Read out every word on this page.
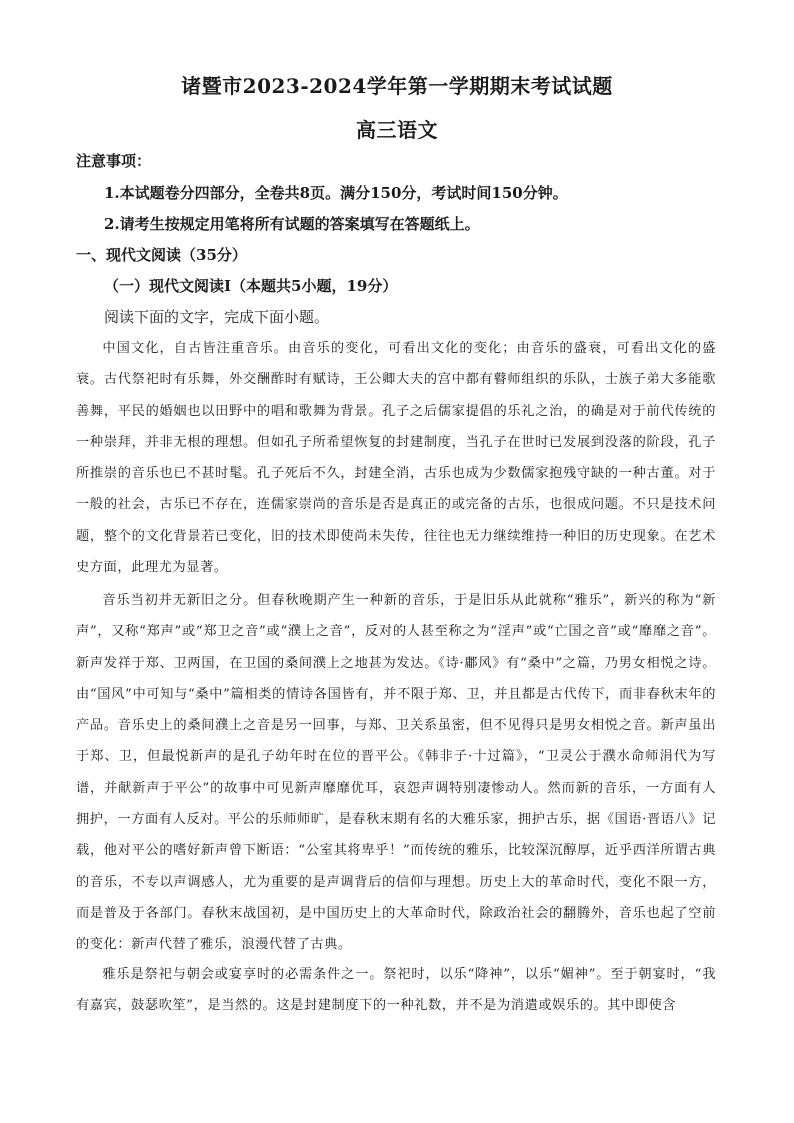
诸暨市2023-2024学年第一学期期末考试试题
高三语文
注意事项：
1.本试题卷分四部分，全卷共8页。满分150分，考试时间150分钟。
2.请考生按规定用笔将所有试题的答案填写在答题纸上。
一、现代文阅读（35分）
（一）现代文阅读Ⅰ（本题共5小题，19分）
阅读下面的文字，完成下面小题。

中国文化，自古皆注重音乐。由音乐的变化，可看出文化的变化；由音乐的盛衰，可看出文化的盛衰。古代祭祀时有乐舞，外交酬酢时有赋诗，王公卿大夫的宫中都有瞽师组织的乐队，士族子弟大多能歌善舞，平民的婚姻也以田野中的唱和歌舞为背景。孔子之后儒家提倡的乐礼之治，的确是对于前代传统的一种崇拜，并非无根的理想。但如孔子所希望恢复的封建制度，当孔子在世时已发展到没落的阶段，孔子所推崇的音乐也已不甚时髦。孔子死后不久，封建全消，古乐也成为少数儒家抱残守缺的一种古董。对于一般的社会，古乐已不存在，连儒家崇尚的音乐是否是真正的或完备的古乐，也很成问题。不只是技术问题，整个的文化背景若已变化，旧的技术即使尚未失传，往往也无力继续维持一种旧的历史现象。在艺术史方面，此理尤为显著。

音乐当初并无新旧之分。但春秋晚期产生一种新的音乐，于是旧乐从此就称“雅乐”，新兴的称为“新声”，又称“郑声”或“郑卫之音”或“濮上之音”，反对的人甚至称之为“淫声”或“亡国之音”或“靡靡之音”。新声发祥于郑、卫两国，在卫国的桑间濮上之地甚为发达。《诗·鄘风》有“桑中”之篇，乃男女相悦之诗。由“国风”中可知与“桑中”篇相类的情诗各国皆有，并不限于郑、卫，并且都是古代传下，而非春秋末年的产品。音乐史上的桑间濮上之音是另一回事，与郑、卫关系虽密，但不见得只是男女相悦之音。新声虽出于郑、卫，但最悦新声的是孔子幼年时在位的晋平公。《韩非子·十过篇》，“卫灵公于濮水命师涓代为写谱，并献新声于平公”的故事中可见新声靡靡优耳，哀怨声调特别凄惨动人。然而新的音乐，一方面有人拥护，一方面有人反对。平公的乐师师旷，是春秋末期有名的大雅乐家，拥护古乐，据《国语·晋语八》记载，他对平公的嗜好新声曾下断语：“公室其将卑乎！”而传统的雅乐，比较深沉醇厚，近乎西洋所谓古典的音乐，不专以声调感人，尤为重要的是声调背后的信仰与理想。历史上大的革命时代，变化不限一方，而是普及于各部门。春秋末战国初，是中国历史上的大革命时代，除政治社会的翻腾外，音乐也起了空前的变化：新声代替了雅乐，浪漫代替了古典。

雅乐是祭祀与朝会或宴享时的必需条件之一。祭祀时，以乐“降神”，以乐“媚神”。至于朝宴时，“我有嘉宾，鼓瑟吹笙”，是当然的。这是封建制度下的一种礼数，并不是为消遣或娱乐的。其中即使含
